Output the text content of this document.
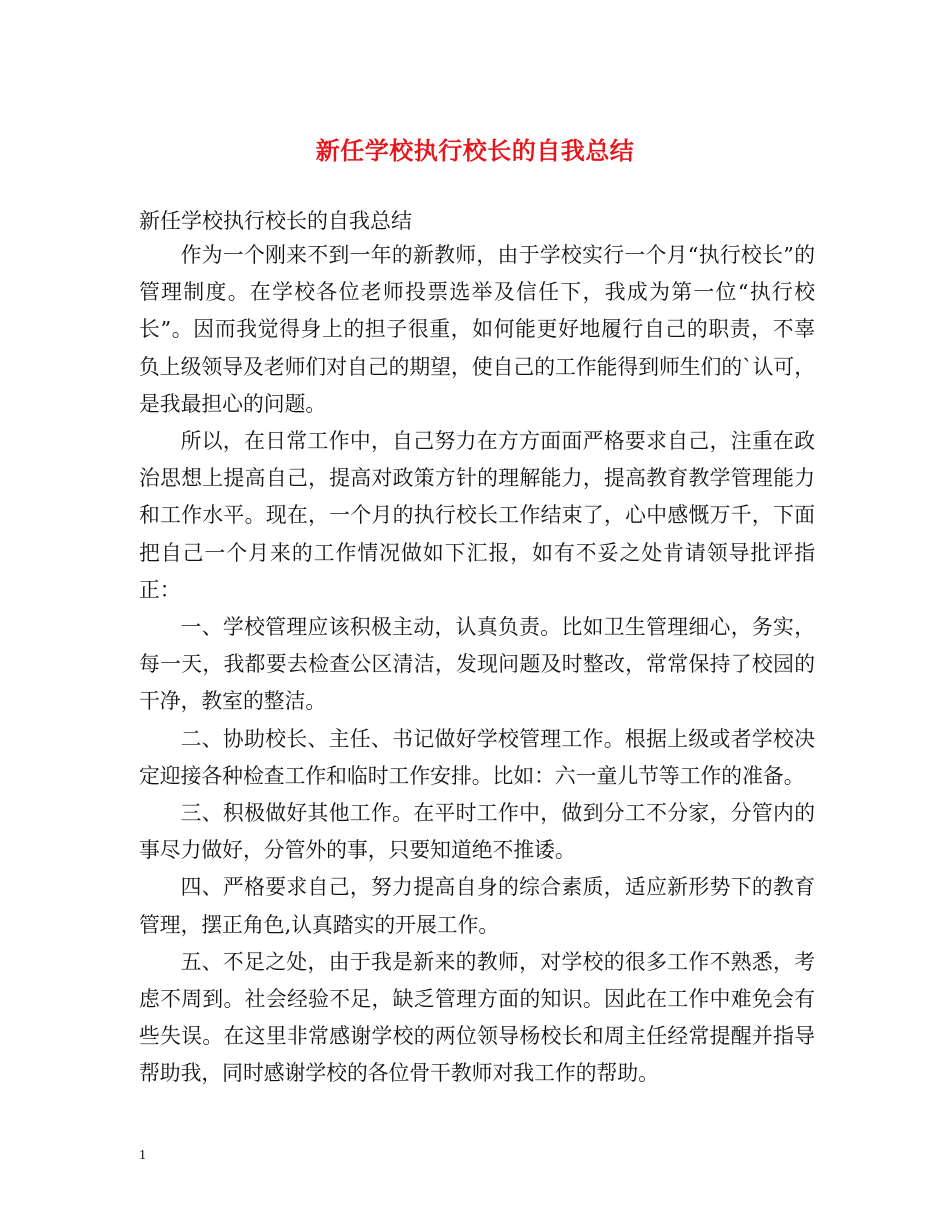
新任学校执行校长的自我总结
新任学校执行校长的自我总结

作为一个刚来不到一年的新教师，由于学校实行一个月“执行校长”的管理制度。在学校各位老师投票选举及信任下，我成为第一位“执行校长”。因而我觉得身上的担子很重，如何能更好地履行自己的职责，不辜负上级领导及老师们对自己的期望，使自己的工作能得到师生们的`认可，是我最担心的问题。

所以，在日常工作中，自己努力在方方面面严格要求自己，注重在政治思想上提高自己，提高对政策方针的理解能力，提高教育教学管理能力和工作水平。现在，一个月的执行校长工作结束了，心中感慨万千，下面把自己一个月来的工作情况做如下汇报，如有不妥之处肯请领导批评指正：

一、学校管理应该积极主动，认真负责。比如卫生管理细心，务实，每一天，我都要去检查公区清洁，发现问题及时整改，常常保持了校园的干净，教室的整洁。

二、协助校长、主任、书记做好学校管理工作。根据上级或者学校决定迎接各种检查工作和临时工作安排。比如：六一童儿节等工作的准备。

三、积极做好其他工作。在平时工作中，做到分工不分家，分管内的事尽力做好，分管外的事，只要知道绝不推诿。

四、严格要求自己，努力提高自身的综合素质，适应新形势下的教育管理，摆正角色,认真踏实的开展工作。

五、不足之处，由于我是新来的教师，对学校的很多工作不熟悉，考虑不周到。社会经验不足，缺乏管理方面的知识。因此在工作中难免会有些失误。在这里非常感谢学校的两位领导杨校长和周主任经常提醒并指导帮助我，同时感谢学校的各位骨干教师对我工作的帮助。

1
